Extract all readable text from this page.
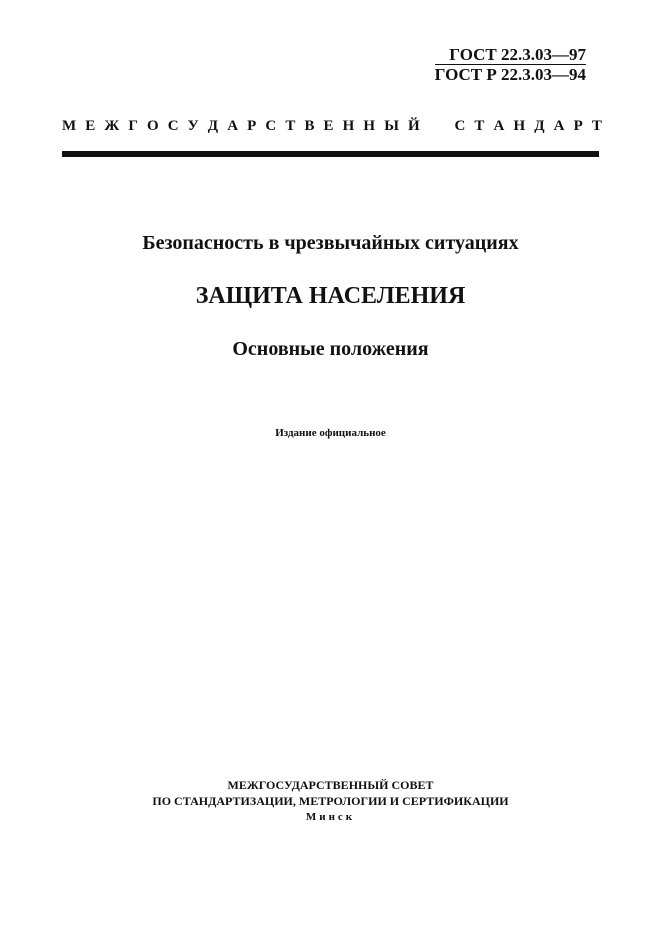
ГОСТ 22.3.03—97
ГОСТ Р 22.3.03—94
М Е Ж Г О С У Д А Р С Т В Е Н Н Ы Й

С Т А Н Д А Р Т
Безопасность в чрезвычайных ситуациях
ЗАЩИТА НАСЕЛЕНИЯ
Основные положения
Издание официальное
МЕЖГОСУДАРСТВЕННЫЙ СОВЕТ
ПО СТАНДАРТИЗАЦИИ, МЕТРОЛОГИИ И СЕРТИФИКАЦИИ
Минск
